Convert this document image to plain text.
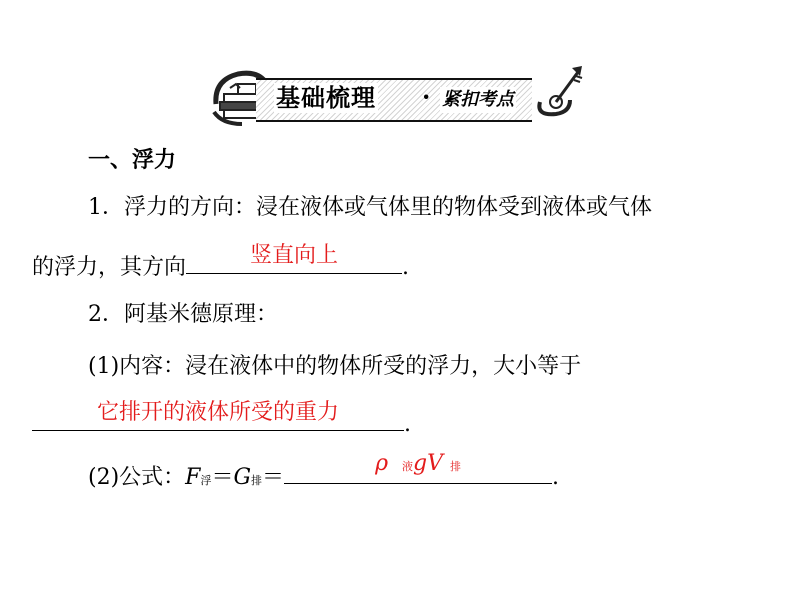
基础梳理 · 紧扣考点
一、浮力
1．浮力的方向：浸在液体或气体里的物体受到液体或气体
的浮力，其方向	竖直向上	.
2．阿基米德原理：
(1)内容：浸在液体中的物体所受的浮力，大小等于
它排开的液体所受的重力	.
(2)公式：F浮＝G排＝
ρ 液gV 排	.
